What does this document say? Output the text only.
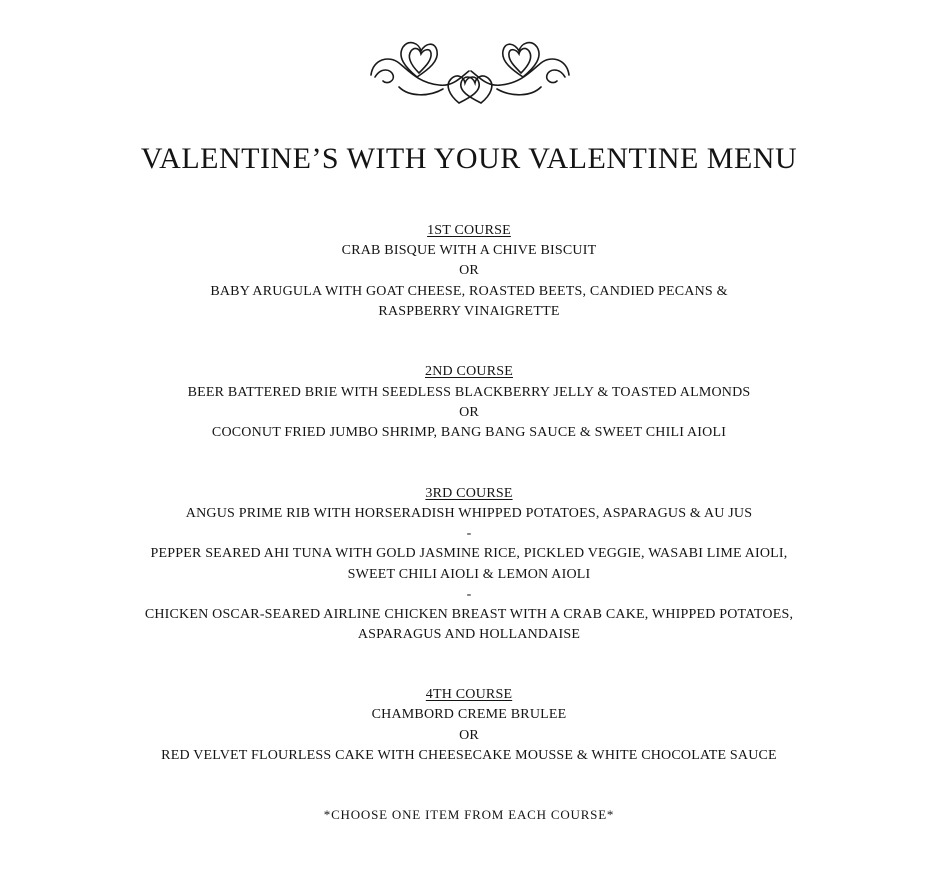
VALENTINE’S WITH YOUR VALENTINE MENU
1ST COURSE
CRAB BISQUE WITH A CHIVE BISCUIT
OR
BABY ARUGULA WITH GOAT CHEESE, ROASTED BEETS, CANDIED PECANS &
RASPBERRY VINAIGRETTE
2ND COURSE
BEER BATTERED BRIE WITH SEEDLESS BLACKBERRY JELLY & TOASTED ALMONDS
OR
COCONUT FRIED JUMBO SHRIMP, BANG BANG SAUCE & SWEET CHILI AIOLI
3RD COURSE
ANGUS PRIME RIB WITH HORSERADISH WHIPPED POTATOES, ASPARAGUS & AU JUS
-
PEPPER SEARED AHI TUNA WITH GOLD JASMINE RICE, PICKLED VEGGIE, WASABI LIME AIOLI,
SWEET CHILI AIOLI & LEMON AIOLI
-
CHICKEN OSCAR-SEARED AIRLINE CHICKEN BREAST WITH A CRAB CAKE, WHIPPED POTATOES,
ASPARAGUS AND HOLLANDAISE
4TH COURSE
CHAMBORD CREME BRULEE
OR
RED VELVET FLOURLESS CAKE WITH CHEESECAKE MOUSSE & WHITE CHOCOLATE SAUCE
*CHOOSE ONE ITEM FROM EACH COURSE*
